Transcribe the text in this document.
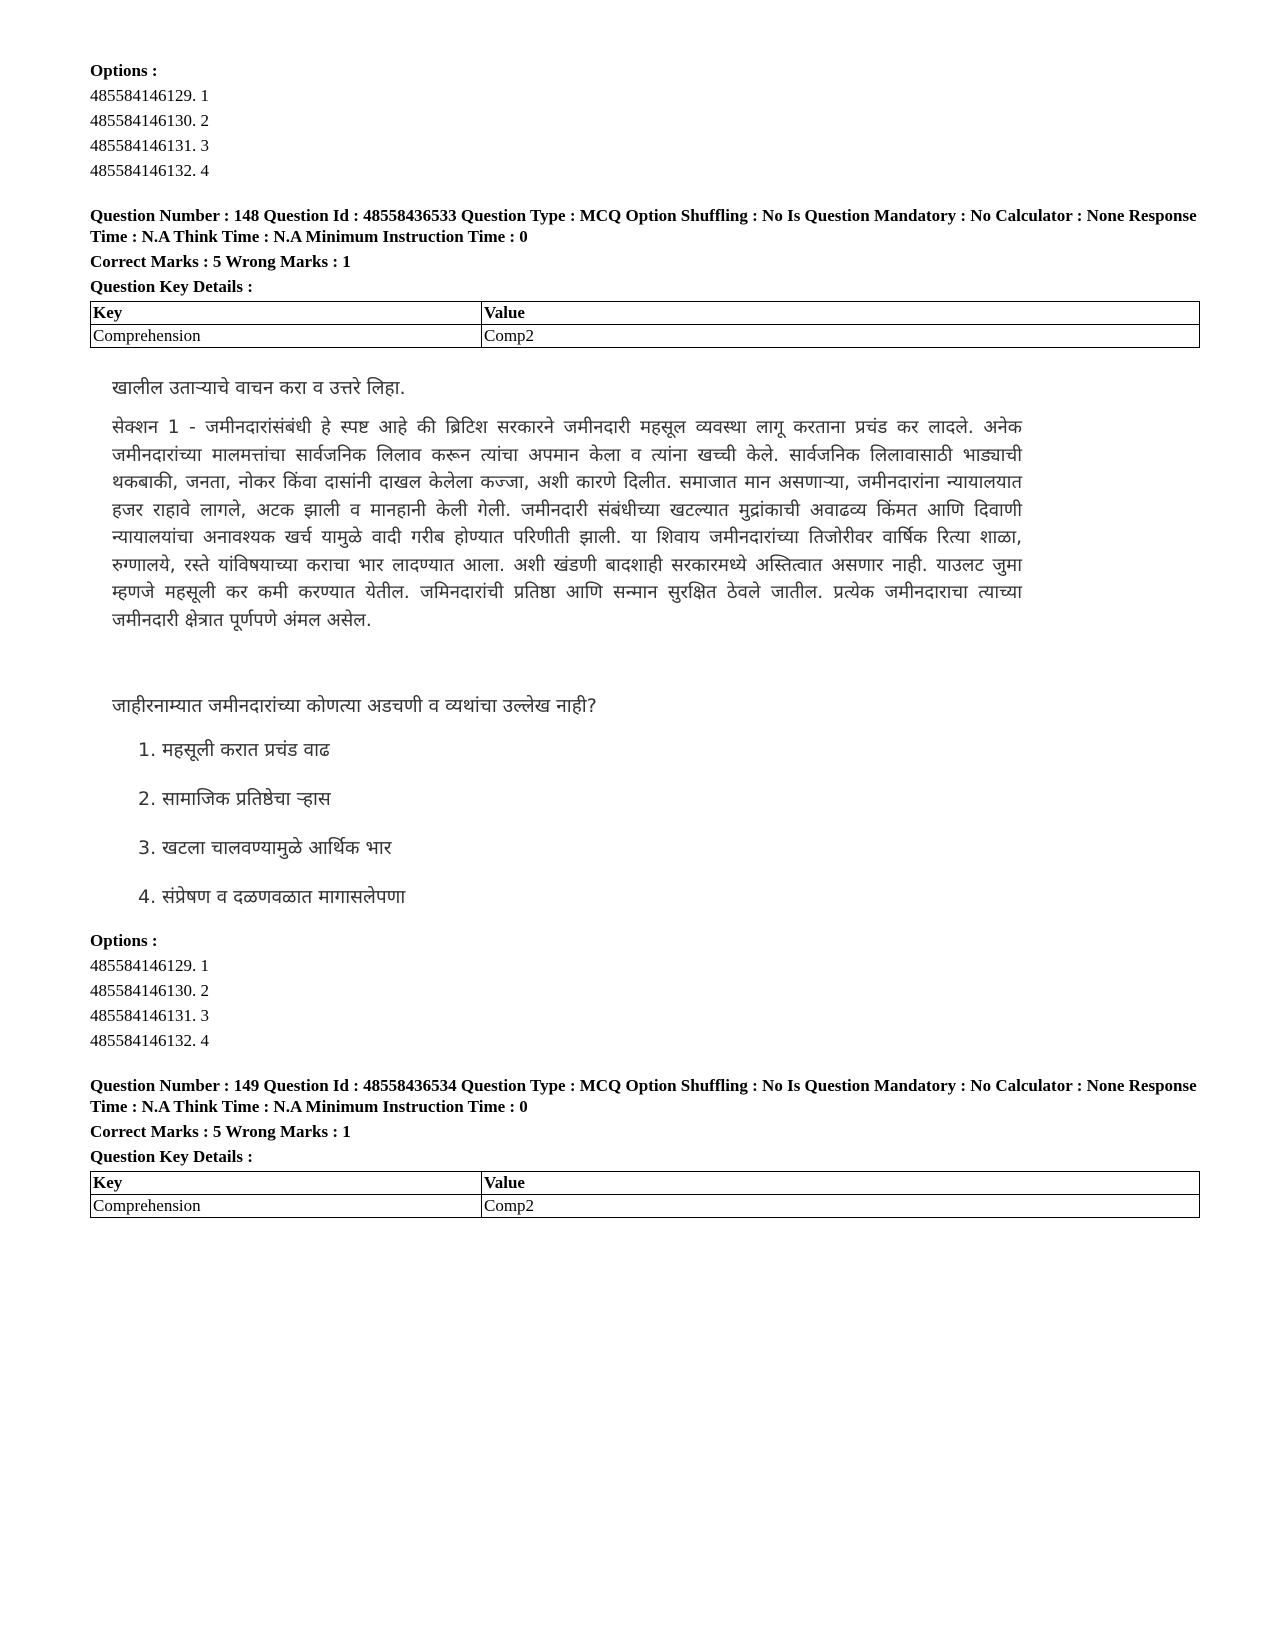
Options :
485584146129. 1
485584146130. 2
485584146131. 3
485584146132. 4
Question Number : 148 Question Id : 48558436533 Question Type : MCQ Option Shuffling : No Is Question Mandatory : No Calculator : None Response Time : N.A Think Time : N.A Minimum Instruction Time : 0
Correct Marks : 5 Wrong Marks : 1
Question Key Details :
Key	Value
Comprehension	Comp2
खालील उताऱ्याचे वाचन करा व उत्तरे लिहा.
सेक्शन 1 - जमीनदारांसंबंधी हे स्पष्ट आहे की ब्रिटिश सरकारने जमीनदारी महसूल व्यवस्था लागू करताना प्रचंड कर लादले. अनेक जमीनदारांच्या मालमत्तांचा सार्वजनिक लिलाव करून त्यांचा अपमान केला व त्यांना खच्ची केले. सार्वजनिक लिलावासाठी भाड्याची थकबाकी, जनता, नोकर किंवा दासांनी दाखल केलेला कज्जा, अशी कारणे दिलीत. समाजात मान असणाऱ्या, जमीनदारांना न्यायालयात हजर राहावे लागले, अटक झाली व मानहानी केली गेली. जमीनदारी संबंधीच्या खटल्यात मुद्रांकाची अवाढव्य किंमत आणि दिवाणी न्यायालयांचा अनावश्यक खर्च यामुळे वादी गरीब होण्यात परिणीती झाली. या शिवाय जमीनदारांच्या तिजोरीवर वार्षिक रित्या शाळा, रुग्णालये, रस्ते यांविषयाच्या कराचा भार लादण्यात आला. अशी खंडणी बादशाही सरकारमध्ये अस्तित्वात असणार नाही. याउलट जुमा म्हणजे महसूली कर कमी करण्यात येतील. जमिनदारांची प्रतिष्ठा आणि सन्मान सुरक्षित ठेवले जातील. प्रत्येक जमीनदाराचा त्याच्या जमीनदारी क्षेत्रात पूर्णपणे अंमल असेल.
जाहीरनाम्यात जमीनदारांच्या कोणत्या अडचणी व व्यथांचा उल्लेख नाही?
1. महसूली करात प्रचंड वाढ
2. सामाजिक प्रतिष्ठेचा ऱ्हास
3. खटला चालवण्यामुळे आर्थिक भार
4. संप्रेषण व दळणवळात मागासलेपणा
Options :
485584146129. 1
485584146130. 2
485584146131. 3
485584146132. 4
Question Number : 149 Question Id : 48558436534 Question Type : MCQ Option Shuffling : No Is Question Mandatory : No Calculator : None Response Time : N.A Think Time : N.A Minimum Instruction Time : 0
Correct Marks : 5 Wrong Marks : 1
Question Key Details :
Key	Value
Comprehension	Comp2
